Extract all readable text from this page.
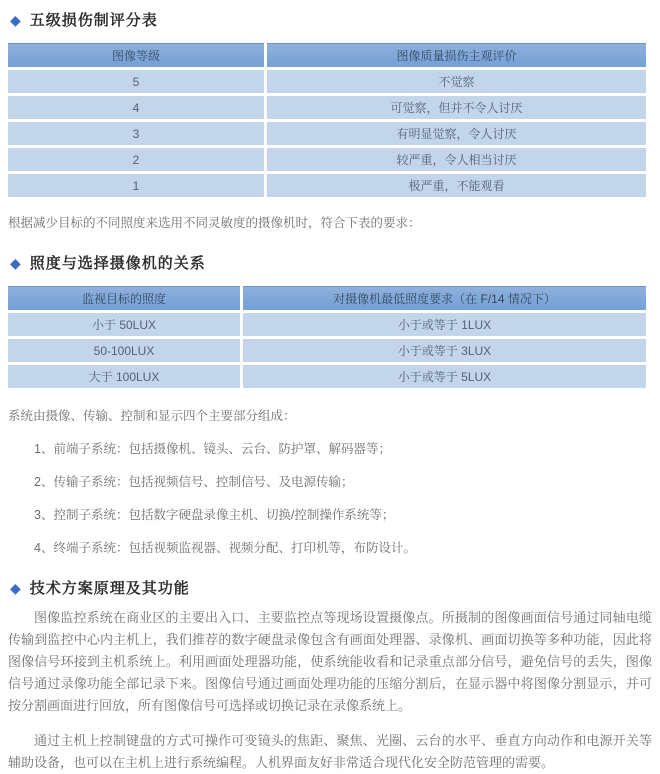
◆ 五级损伤制评分表
图像等级	图像质量损伤主观评价
5	不觉察
4	可觉察，但并不令人讨厌
3	有明显觉察，令人讨厌
2	较严重，令人相当讨厌
1	极严重，不能观看

根据减少目标的不同照度来选用不同灵敏度的摄像机时，符合下表的要求：

◆ 照度与选择摄像机的关系
监视目标的照度	对摄像机最低照度要求（在 F/14 情况下）
小于 50LUX	小于或等于 1LUX
50-100LUX	小于或等于 3LUX
大于 100LUX	小于或等于 5LUX

系统由摄像、传输、控制和显示四个主要部分组成：

1、前端子系统：包括摄像机、镜头、云台、防护罩、解码器等；
2、传输子系统：包括视频信号、控制信号、及电源传输；
3、控制子系统：包括数字硬盘录像主机、切换/控制操作系统等；
4、终端子系统：包括视频监视器、视频分配、打印机等，布防设计。
◆ 技术方案原理及其功能

图像监控系统在商业区的主要出入口、主要监控点等现场设置摄像点。所摄制的图像画面信号通过同轴电缆传输到监控中心内主机上，我们推荐的数字硬盘录像包含有画面处理器、录像机、画面切换等多种功能，因此将图像信号环接到主机系统上。利用画面处理器功能，使系统能收看和记录重点部分信号，避免信号的丢失，图像信号通过录像功能全部记录下来。图像信号通过画面处理功能的压缩分割后，在显示器中将图像分割显示，并可按分割画面进行回放，所有图像信号可选择或切换记录在录像系统上。

通过主机上控制键盘的方式可操作可变镜头的焦距、聚焦、光圈、云台的水平、垂直方向动作和电源开关等辅助设备，也可以在主机上进行系统编程。人机界面友好非常适合现代化安全防范管理的需要。
